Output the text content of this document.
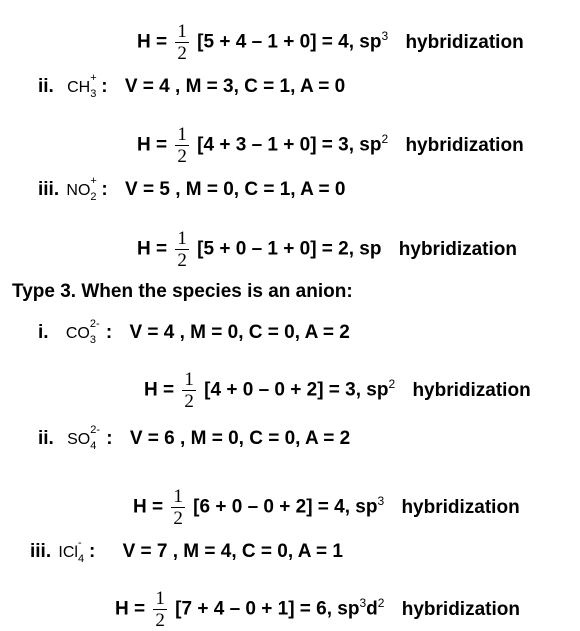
$H = \frac{1}{2} [5 + 4 - 1 + 0] = 4$, $sp^3$ hybridization
ii. CH
+
3 : V = 4 , M = 3, C = 1, A = 0
$H = \frac{1}{2} [4 + 3 - 1 + 0] = 3$, $sp^2$ hybridization
iii. NO
+
2 : V = 5 , M = 0, C = 1, A = 0
$H = \frac{1}{2} [5 + 0 - 1 + 0] = 2$, sp hybridization
Type 3. When the species is an anion:
i. CO
2-
3 : V = 4 , M = 0, C = 0, A = 2
$H = \frac{1}{2} [4 + 0 - 0 + 2] = 3$, $sp^2$ hybridization
ii. SO
2-
4 : V = 6 , M = 0, C = 0, A = 2
$H = \frac{1}{2} [6 + 0 - 0 + 2] = 4$, $sp^3$ hybridization
iii. ICl
-
4 : V = 7 , M = 4, C = 0, A = 1
$H = \frac{1}{2} [7 + 4 - 0 + 1] = 6$, $sp^3d^2$ hybridization
